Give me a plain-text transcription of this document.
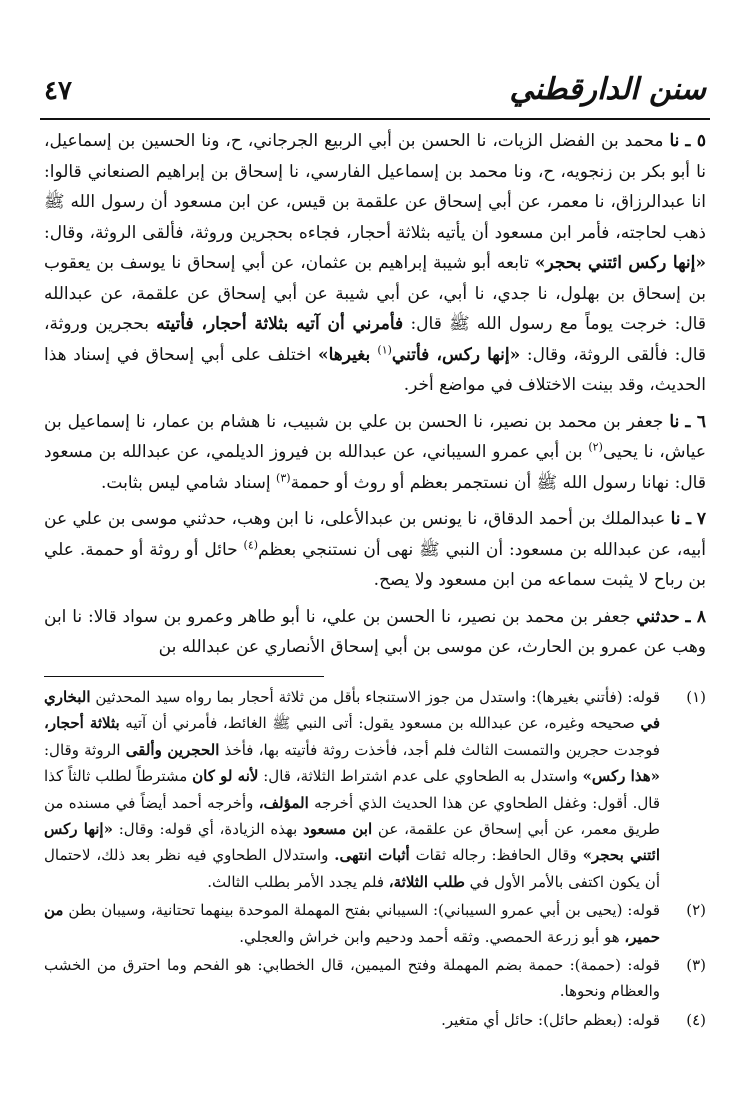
٤٧	سنن الدارقطني

٥ ـ نا محمد بن الفضل الزيات، نا الحسن بن أبي الربيع الجرجاني، ح، ونا الحسين بن إسماعيل، نا أبو بكر بن زنجويه، ح، ونا محمد بن إسماعيل الفارسي، نا إسحاق بن إبراهيم الصنعاني قالوا: انا عبدالرزاق، نا معمر، عن أبي إسحاق عن علقمة بن قيس، عن ابن مسعود أن رسول الله ﷺ ذهب لحاجته، فأمر ابن مسعود أن يأتيه بثلاثة أحجار، فجاءه بحجرين وروثة، فألقى الروثة، وقال: «إنها ركس ائتني بحجر» تابعه أبو شيبة إبراهيم بن عثمان، عن أبي إسحاق نا يوسف بن يعقوب بن إسحاق بن بهلول، نا جدي، نا أبي، عن أبي شيبة عن أبي إسحاق عن علقمة، عن عبدالله قال: خرجت يوماً مع رسول الله ﷺ قال: فأمرني أن آتيه بثلاثة أحجار، فأتيته بحجرين وروثة، قال: فألقى الروثة، وقال: «إنها ركس، فأتني$^{(١)}$ بغيرها» اختلف على أبي إسحاق في إسناد هذا الحديث، وقد بينت الاختلاف في مواضع أخر.

٦ ـ نا جعفر بن محمد بن نصير، نا الحسن بن علي بن شبيب، نا هشام بن عمار، نا إسماعيل بن عياش، نا يحيى$^{(٢)}$ بن أبي عمرو السيباني، عن عبدالله بن فيروز الديلمي، عن عبدالله بن مسعود قال: نهانا رسول الله ﷺ أن نستجمر بعظم أو روث أو حممة$^{(٣)}$ إسناد شامي ليس بثابت.

٧ ـ نا عبدالملك بن أحمد الدقاق، نا يونس بن عبدالأعلى، نا ابن وهب، حدثني موسى بن علي عن أبيه، عن عبدالله بن مسعود: أن النبي ﷺ نهى أن نستنجي بعظم$^{(٤)}$ حائل أو روثة أو حممة. علي بن رباح لا يثبت سماعه من ابن مسعود ولا يصح.

٨ ـ حدثني جعفر بن محمد بن نصير، نا الحسن بن علي، نا أبو طاهر وعمرو بن سواد قالا: نا ابن وهب عن عمرو بن الحارث، عن موسى بن أبي إسحاق الأنصاري عن عبدالله بن

(١)
قوله: (فأتني بغيرها): واستدل من جوز الاستنجاء بأقل من ثلاثة أحجار بما رواه سيد المحدثين البخاري في صحيحه وغيره، عن عبدالله بن مسعود يقول: أتى النبي ﷺ الغائط، فأمرني أن آتيه بثلاثة أحجار، فوجدت حجرين والتمست الثالث فلم أجد، فأخذت روثة فأتيته بها، فأخذ الحجرين وألقى الروثة وقال: «هذا ركس» واستدل به الطحاوي على عدم اشتراط الثلاثة، قال: لأنه لو كان مشترطاً لطلب ثالثاً كذا قال. أقول: وغفل الطحاوي عن هذا الحديث الذي أخرجه المؤلف، وأخرجه أحمد أيضاً في مسنده من طريق معمر، عن أبي إسحاق عن علقمة، عن ابن مسعود بهذه الزيادة، أي قوله: وقال: «إنها ركس ائتني بحجر» وقال الحافظ: رجاله ثقات أثبات انتهى. واستدلال الطحاوي فيه نظر بعد ذلك، لاحتمال أن يكون اكتفى بالأمر الأول في طلب الثلاثة، فلم يجدد الأمر بطلب الثالث.
(٢)
قوله: (يحيى بن أبي عمرو السيباني): السيباني بفتح المهملة الموحدة بينهما تحتانية، وسيبان بطن من حمير، هو أبو زرعة الحمصي. وثقه أحمد ودحيم وابن خراش والعجلي.
(٣)
قوله: (حممة): حممة بضم المهملة وفتح الميمين، قال الخطابي: هو الفحم وما احترق من الخشب والعظام ونحوها.
(٤)
قوله: (بعظم حائل): حائل أي متغير.
